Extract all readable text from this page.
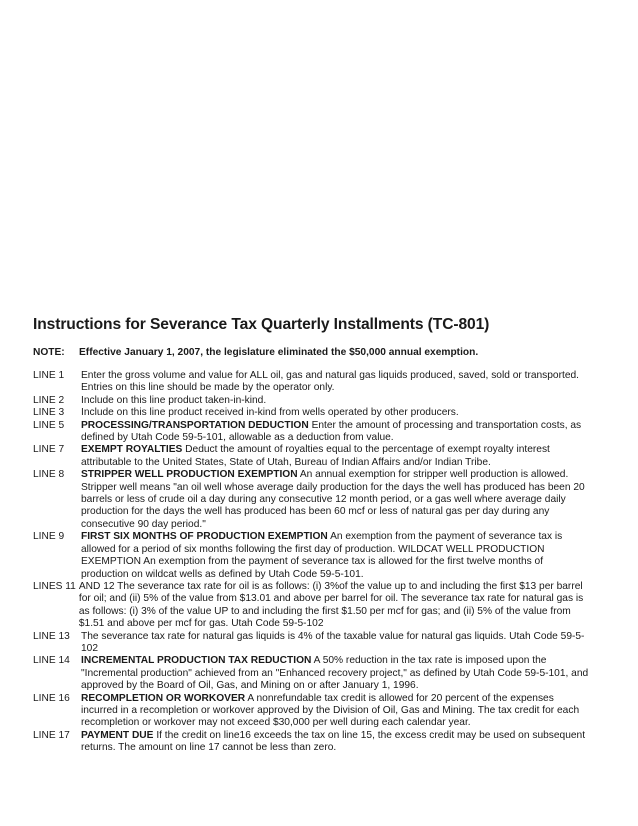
Instructions for Severance Tax Quarterly Installments (TC-801)
NOTE:	Effective January 1, 2007, the legislature eliminated the $50,000 annual exemption.
LINE 1	Enter the gross volume and value for ALL oil, gas and natural gas liquids produced, saved, sold or transported. Entries on this line should be made by the operator only.
LINE 2	Include on this line product taken-in-kind.
LINE 3	Include on this line product received in-kind from wells operated by other producers.
LINE 5	PROCESSING/TRANSPORTATION DEDUCTION Enter the amount of processing and transportation costs, as defined by Utah Code 59-5-101, allowable as a deduction from value.
LINE 7	EXEMPT ROYALTIES Deduct the amount of royalties equal to the percentage of exempt royalty interest attributable to the United States, State of Utah, Bureau of Indian Affairs and/or Indian Tribe.
LINE 8	STRIPPER WELL PRODUCTION EXEMPTION An annual exemption for stripper well production is allowed. Stripper well means "an oil well whose average daily production for the days the well has produced has been 20 barrels or less of crude oil a day during any consecutive 12 month period, or a gas well where average daily production for the days the well has produced has been 60 mcf or less of natural gas per day during any consecutive 90 day period."
LINE 9	FIRST SIX MONTHS OF PRODUCTION EXEMPTION An exemption from the payment of severance tax is allowed for a period of six months following the first day of production. WILDCAT WELL PRODUCTION EXEMPTION An exemption from the payment of severance tax is allowed for the first twelve months of production on wildcat wells as defined by Utah Code 59-5-101.
LINES 11 AND 12 The severance tax rate for oil is as follows: (i) 3%of the value up to and including the first $13 per barrel for oil; and (ii) 5% of the value from $13.01 and above per barrel for oil. The severance tax rate for natural gas is as follows: (i) 3% of the value UP to and including the first $1.50 per mcf for gas; and (ii) 5% of the value from $1.51 and above per mcf for gas. Utah Code 59-5-102
LINE 13	The severance tax rate for natural gas liquids is 4% of the taxable value for natural gas liquids. Utah Code 59-5-102
LINE 14	INCREMENTAL PRODUCTION TAX REDUCTION A 50% reduction in the tax rate is imposed upon the "Incremental production" achieved from an "Enhanced recovery project," as defined by Utah Code 59-5-101, and approved by the Board of Oil, Gas, and Mining on or after January 1, 1996.
LINE 16	RECOMPLETION OR WORKOVER A nonrefundable tax credit is allowed for 20 percent of the expenses incurred in a recompletion or workover approved by the Division of Oil, Gas and Mining. The tax credit for each recompletion or workover may not exceed $30,000 per well during each calendar year.
LINE 17	PAYMENT DUE If the credit on line16 exceeds the tax on line 15, the excess credit may be used on subsequent returns. The amount on line 17 cannot be less than zero.
